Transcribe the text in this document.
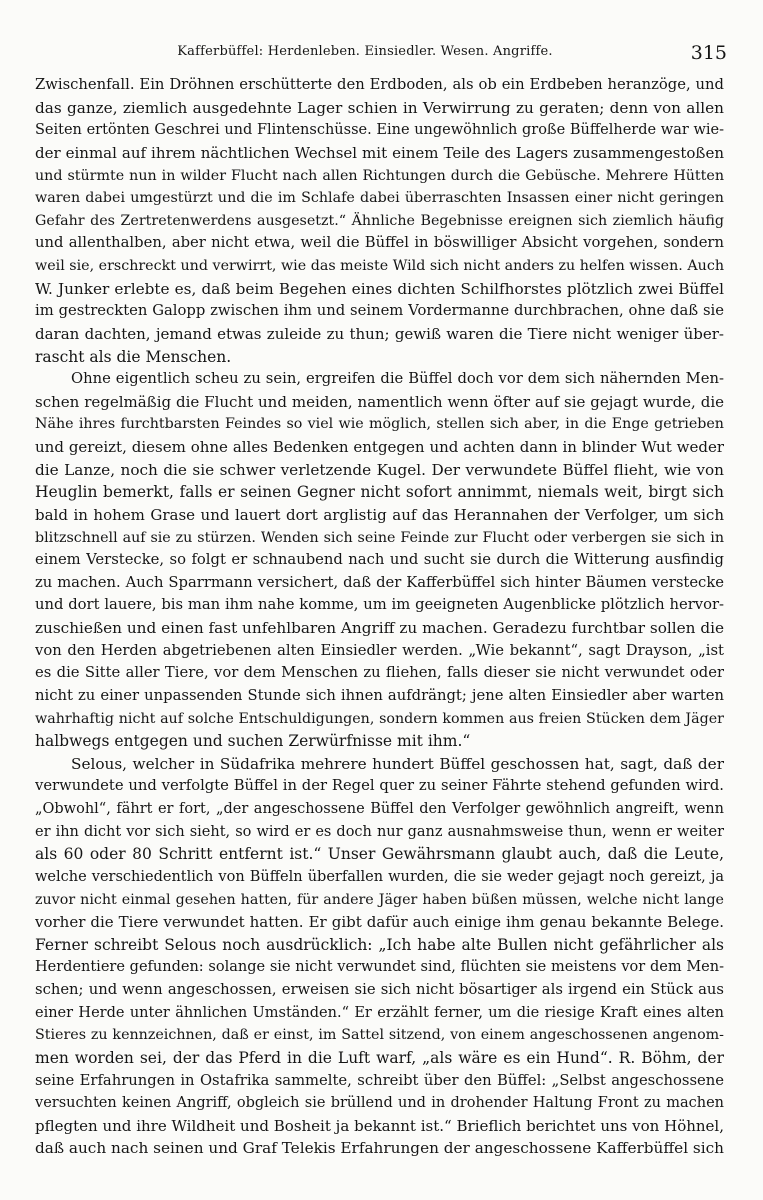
Kafferbüffel: Herdenleben. Einsiedler. Wesen. Angriffe.	315
Zwischenfall. Ein Dröhnen erschütterte den Erdboden, als ob ein Erdbeben heranzöge, und
das ganze, ziemlich ausgedehnte Lager schien in Verwirrung zu geraten; denn von allen
Seiten ertönten Geschrei und Flintenschüsse. Eine ungewöhnlich große Büffelherde war wie-
der einmal auf ihrem nächtlichen Wechsel mit einem Teile des Lagers zusammengestoßen
und stürmte nun in wilder Flucht nach allen Richtungen durch die Gebüsche. Mehrere Hütten
waren dabei umgestürzt und die im Schlafe dabei überraschten Insassen einer nicht geringen
Gefahr des Zertretenwerdens ausgesetzt.“ Ähnliche Begebnisse ereignen sich ziemlich häufig
und allenthalben, aber nicht etwa, weil die Büffel in böswilliger Absicht vorgehen, sondern
weil sie, erschreckt und verwirrt, wie das meiste Wild sich nicht anders zu helfen wissen. Auch
W. Junker erlebte es, daß beim Begehen eines dichten Schilfhorstes plötzlich zwei Büffel
im gestreckten Galopp zwischen ihm und seinem Vordermanne durchbrachen, ohne daß sie
daran dachten, jemand etwas zuleide zu thun; gewiß waren die Tiere nicht weniger über-
rascht als die Menschen.
Ohne eigentlich scheu zu sein, ergreifen die Büffel doch vor dem sich nähernden Men-
schen regelmäßig die Flucht und meiden, namentlich wenn öfter auf sie gejagt wurde, die
Nähe ihres furchtbarsten Feindes so viel wie möglich, stellen sich aber, in die Enge getrieben
und gereizt, diesem ohne alles Bedenken entgegen und achten dann in blinder Wut weder
die Lanze, noch die sie schwer verletzende Kugel. Der verwundete Büffel flieht, wie von
Heuglin bemerkt, falls er seinen Gegner nicht sofort annimmt, niemals weit, birgt sich
bald in hohem Grase und lauert dort arglistig auf das Herannahen der Verfolger, um sich
blitzschnell auf sie zu stürzen. Wenden sich seine Feinde zur Flucht oder verbergen sie sich in
einem Verstecke, so folgt er schnaubend nach und sucht sie durch die Witterung ausfindig
zu machen. Auch Sparrmann versichert, daß der Kafferbüffel sich hinter Bäumen verstecke
und dort lauere, bis man ihm nahe komme, um im geeigneten Augenblicke plötzlich hervor-
zuschießen und einen fast unfehlbaren Angriff zu machen. Geradezu furchtbar sollen die
von den Herden abgetriebenen alten Einsiedler werden. „Wie bekannt“, sagt Drayson, „ist
es die Sitte aller Tiere, vor dem Menschen zu fliehen, falls dieser sie nicht verwundet oder
nicht zu einer unpassenden Stunde sich ihnen aufdrängt; jene alten Einsiedler aber warten
wahrhaftig nicht auf solche Entschuldigungen, sondern kommen aus freien Stücken dem Jäger
halbwegs entgegen und suchen Zerwürfnisse mit ihm.“
Selous, welcher in Südafrika mehrere hundert Büffel geschossen hat, sagt, daß der
verwundete und verfolgte Büffel in der Regel quer zu seiner Fährte stehend gefunden wird.
„Obwohl“, fährt er fort, „der angeschossene Büffel den Verfolger gewöhnlich angreift, wenn
er ihn dicht vor sich sieht, so wird er es doch nur ganz ausnahmsweise thun, wenn er weiter
als 60 oder 80 Schritt entfernt ist.“ Unser Gewährsmann glaubt auch, daß die Leute,
welche verschiedentlich von Büffeln überfallen wurden, die sie weder gejagt noch gereizt, ja
zuvor nicht einmal gesehen hatten, für andere Jäger haben büßen müssen, welche nicht lange
vorher die Tiere verwundet hatten. Er gibt dafür auch einige ihm genau bekannte Belege.
Ferner schreibt Selous noch ausdrücklich: „Ich habe alte Bullen nicht gefährlicher als
Herdentiere gefunden: solange sie nicht verwundet sind, flüchten sie meistens vor dem Men-
schen; und wenn angeschossen, erweisen sie sich nicht bösartiger als irgend ein Stück aus
einer Herde unter ähnlichen Umständen.“ Er erzählt ferner, um die riesige Kraft eines alten
Stieres zu kennzeichnen, daß er einst, im Sattel sitzend, von einem angeschossenen angenom-
men worden sei, der das Pferd in die Luft warf, „als wäre es ein Hund“. R. Böhm, der
seine Erfahrungen in Ostafrika sammelte, schreibt über den Büffel: „Selbst angeschossene
versuchten keinen Angriff, obgleich sie brüllend und in drohender Haltung Front zu machen
pflegten und ihre Wildheit und Bosheit ja bekannt ist.“ Brieflich berichtet uns von Höhnel,
daß auch nach seinen und Graf Telekis Erfahrungen der angeschossene Kafferbüffel sich
